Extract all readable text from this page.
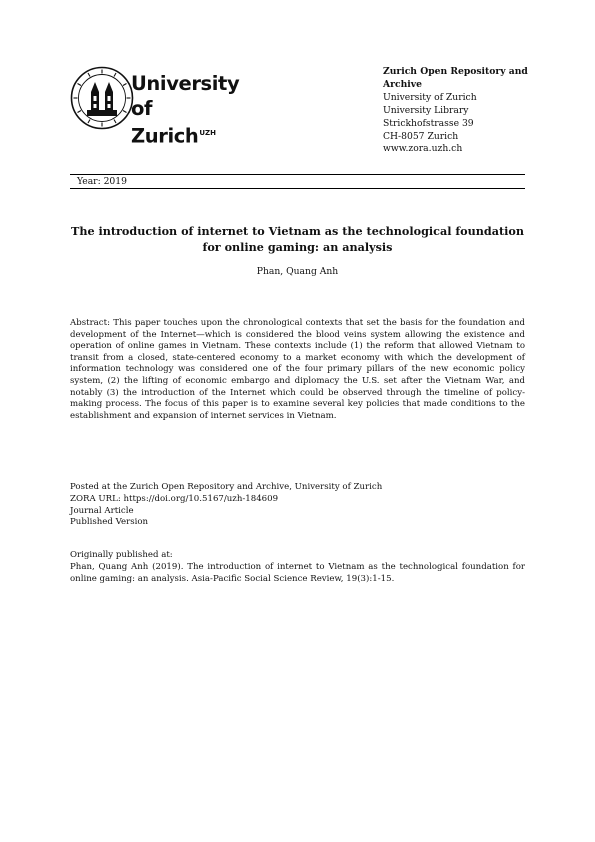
University of
Zurich$^{UZH}$
Zurich Open Repository and Archive
University of Zurich
University Library
Strickhofstrasse 39
CH-8057 Zurich
www.zora.uzh.ch
Year: 2019
The introduction of internet to Vietnam as the technological foundation for online gaming: an analysis
Phan, Quang Anh
Abstract: This paper touches upon the chronological contexts that set the basis for the foundation and development of the Internet—which is considered the blood veins system allowing the existence and operation of online games in Vietnam. These contexts include (1) the reform that allowed Vietnam to transit from a closed, state-centered economy to a market economy with which the development of information technology was considered one of the four primary pillars of the new economic policy system, (2) the lifting of economic embargo and diplomacy the U.S. set after the Vietnam War, and notably (3) the introduction of the Internet which could be observed through the timeline of policy-making process. The focus of this paper is to examine several key policies that made conditions to the establishment and expansion of internet services in Vietnam.
Posted at the Zurich Open Repository and Archive, University of Zurich
ZORA URL: https://doi.org/10.5167/uzh-184609
Journal Article
Published Version
Originally published at:
Phan, Quang Anh (2019). The introduction of internet to Vietnam as the technological foundation for online gaming: an analysis. Asia-Pacific Social Science Review, 19(3):1-15.
